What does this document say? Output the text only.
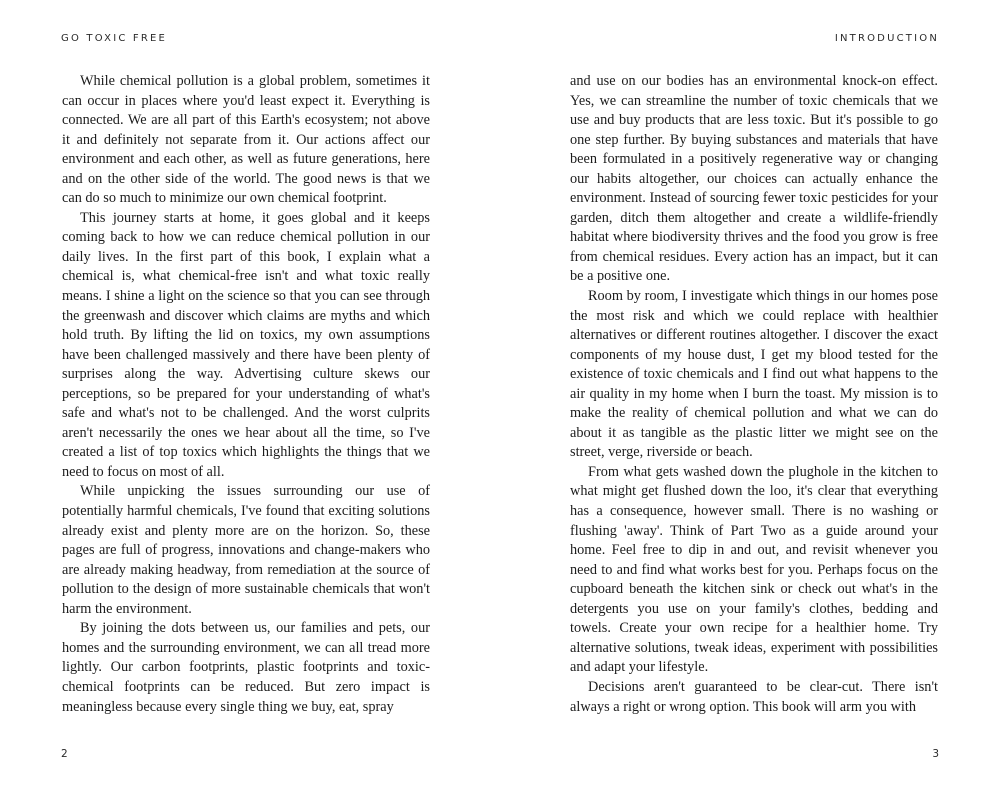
GO TOXIC FREE

While chemical pollution is a global problem, sometimes it can occur in places where you'd least expect it. Everything is connected. We are all part of this Earth's ecosystem; not above it and definitely not separate from it. Our actions affect our environment and each other, as well as future generations, here and on the other side of the world. The good news is that we can do so much to minimize our own chemical footprint.

This journey starts at home, it goes global and it keeps coming back to how we can reduce chemical pollution in our daily lives. In the first part of this book, I explain what a chemical is, what chemical-free isn't and what toxic really means. I shine a light on the science so that you can see through the greenwash and discover which claims are myths and which hold truth. By lifting the lid on toxics, my own assumptions have been challenged massively and there have been plenty of surprises along the way. Advertising culture skews our perceptions, so be prepared for your understanding of what's safe and what's not to be challenged. And the worst culprits aren't necessarily the ones we hear about all the time, so I've created a list of top toxics which highlights the things that we need to focus on most of all.

While unpicking the issues surrounding our use of potentially harmful chemicals, I've found that exciting solutions already exist and plenty more are on the horizon. So, these pages are full of progress, innovations and change-makers who are already making headway, from remediation at the source of pollution to the design of more sustainable chemicals that won't harm the environment.

By joining the dots between us, our families and pets, our homes and the surrounding environment, we can all tread more lightly. Our carbon footprints, plastic footprints and toxic-chemical footprints can be reduced. But zero impact is meaningless because every single thing we buy, eat, spray

2
INTRODUCTION

and use on our bodies has an environmental knock-on effect. Yes, we can streamline the number of toxic chemicals that we use and buy products that are less toxic. But it's possible to go one step further. By buying substances and materials that have been formulated in a positively regenerative way or changing our habits altogether, our choices can actually enhance the environment. Instead of sourcing fewer toxic pesticides for your garden, ditch them altogether and create a wildlife-friendly habitat where biodiversity thrives and the food you grow is free from chemical residues. Every action has an impact, but it can be a positive one.

Room by room, I investigate which things in our homes pose the most risk and which we could replace with healthier alternatives or different routines altogether. I discover the exact components of my house dust, I get my blood tested for the existence of toxic chemicals and I find out what happens to the air quality in my home when I burn the toast. My mission is to make the reality of chemical pollution and what we can do about it as tangible as the plastic litter we might see on the street, verge, riverside or beach.

From what gets washed down the plughole in the kitchen to what might get flushed down the loo, it's clear that everything has a consequence, however small. There is no washing or flushing 'away'. Think of Part Two as a guide around your home. Feel free to dip in and out, and revisit whenever you need to and find what works best for you. Perhaps focus on the cupboard beneath the kitchen sink or check out what's in the detergents you use on your family's clothes, bedding and towels. Create your own recipe for a healthier home. Try alternative solutions, tweak ideas, experiment with possibilities and adapt your lifestyle.

Decisions aren't guaranteed to be clear-cut. There isn't always a right or wrong option. This book will arm you with

3
